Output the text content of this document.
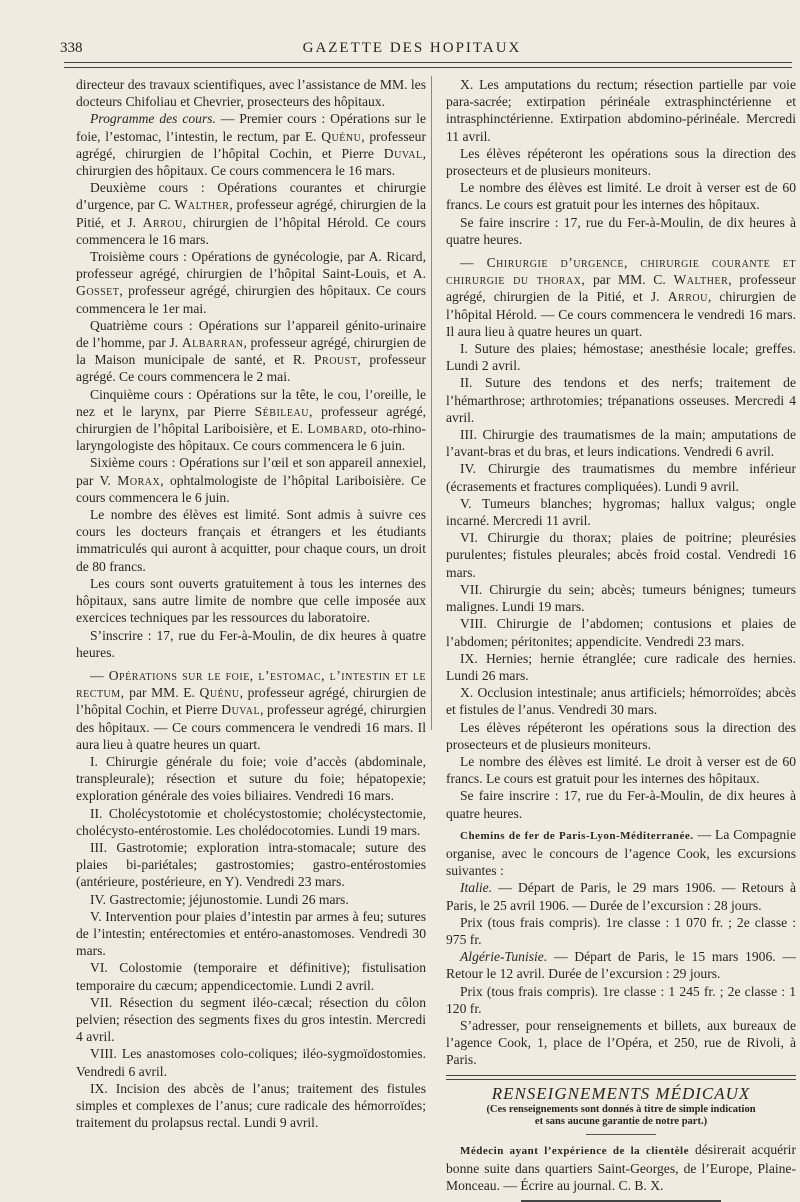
338	GAZETTE DES HOPITAUX

directeur des travaux scientifiques, avec l’assistance de MM. les docteurs Chifoliau et Chevrier, prosecteurs des hôpitaux.

Programme des cours. — Premier cours : Opérations sur le foie, l’estomac, l’intestin, le rectum, par E. Quénu, professeur agrégé, chirurgien de l’hôpital Cochin, et Pierre Duval, chirurgien des hôpitaux. Ce cours commencera le 16 mars.

Deuxième cours : Opérations courantes et chirurgie d’urgence, par C. Walther, professeur agrégé, chirurgien de la Pitié, et J. Arrou, chirurgien de l’hôpital Hérold. Ce cours commencera le 16 mars.

Troisième cours : Opérations de gynécologie, par A. Ricard, professeur agrégé, chirurgien de l’hôpital Saint-Louis, et A. Gosset, professeur agrégé, chirurgien des hôpitaux. Ce cours commencera le 1er mai.

Quatrième cours : Opérations sur l’appareil génito-urinaire de l’homme, par J. Albarran, professeur agrégé, chirurgien de la Maison municipale de santé, et R. Proust, professeur agrégé. Ce cours commencera le 2 mai.

Cinquième cours : Opérations sur la tête, le cou, l’oreille, le nez et le larynx, par Pierre Sébileau, professeur agrégé, chirurgien de l’hôpital Lariboisière, et E. Lombard, oto-rhino-laryngologiste des hôpitaux. Ce cours commencera le 6 juin.

Sixième cours : Opérations sur l’œil et son appareil annexiel, par V. Morax, ophtalmologiste de l’hôpital Lariboisière. Ce cours commencera le 6 juin.

Le nombre des élèves est limité. Sont admis à suivre ces cours les docteurs français et étrangers et les étudiants immatriculés qui auront à acquitter, pour chaque cours, un droit de 80 francs.

Les cours sont ouverts gratuitement à tous les internes des hôpitaux, sans autre limite de nombre que celle imposée aux exercices techniques par les ressources du laboratoire.

S’inscrire : 17, rue du Fer-à-Moulin, de dix heures à quatre heures.

— Opérations sur le foie, l’estomac, l’intestin et le rectum, par MM. E. Quénu, professeur agrégé, chirurgien de l’hôpital Cochin, et Pierre Duval, professeur agrégé, chirurgien des hôpitaux. — Ce cours commencera le vendredi 16 mars. Il aura lieu à quatre heures un quart.

I. Chirurgie générale du foie; voie d’accès (abdominale, transpleurale); résection et suture du foie; hépatopexie; exploration générale des voies biliaires. Vendredi 16 mars.

II. Cholécystotomie et cholécystostomie; cholécystectomie, cholécysto-entérostomie. Les cholédocotomies. Lundi 19 mars.

III. Gastrotomie; exploration intra-stomacale; suture des plaies bi-pariétales; gastrostomies; gastro-entérostomies (antérieure, postérieure, en Y). Vendredi 23 mars.

IV. Gastrectomie; jéjunostomie. Lundi 26 mars.

V. Intervention pour plaies d’intestin par armes à feu; sutures de l’intestin; entérectomies et entéro-anastomoses. Vendredi 30 mars.

VI. Colostomie (temporaire et définitive); fistulisation temporaire du cæcum; appendicectomie. Lundi 2 avril.

VII. Résection du segment iléo-cæcal; résection du côlon pelvien; résection des segments fixes du gros intestin. Mercredi 4 avril.

VIII. Les anastomoses colo-coliques; iléo-sygmoïdostomies. Vendredi 6 avril.

IX. Incision des abcès de l’anus; traitement des fistules simples et complexes de l’anus; cure radicale des hémorroïdes; traitement du prolapsus rectal. Lundi 9 avril.

X. Les amputations du rectum; résection partielle par voie para-sacrée; extirpation périnéale extrasphinctérienne et intrasphinctérienne. Extirpation abdomino-périnéale. Mercredi 11 avril.

Les élèves répéteront les opérations sous la direction des prosecteurs et de plusieurs moniteurs.

Le nombre des élèves est limité. Le droit à verser est de 60 francs. Le cours est gratuit pour les internes des hôpitaux.

Se faire inscrire : 17, rue du Fer-à-Moulin, de dix heures à quatre heures.

— Chirurgie d’urgence, chirurgie courante et chirurgie du thorax, par MM. C. Walther, professeur agrégé, chirurgien de la Pitié, et J. Arrou, chirurgien de l’hôpital Hérold. — Ce cours commencera le vendredi 16 mars. Il aura lieu à quatre heures un quart.

I. Suture des plaies; hémostase; anesthésie locale; greffes. Lundi 2 avril.

II. Suture des tendons et des nerfs; traitement de l’hémarthrose; arthrotomies; trépanations osseuses. Mercredi 4 avril.

III. Chirurgie des traumatismes de la main; amputations de l’avant-bras et du bras, et leurs indications. Vendredi 6 avril.

IV. Chirurgie des traumatismes du membre inférieur (écrasements et fractures compliquées). Lundi 9 avril.

V. Tumeurs blanches; hygromas; hallux valgus; ongle incarné. Mercredi 11 avril.

VI. Chirurgie du thorax; plaies de poitrine; pleurésies purulentes; fistules pleurales; abcès froid costal. Vendredi 16 mars.

VII. Chirurgie du sein; abcès; tumeurs bénignes; tumeurs malignes. Lundi 19 mars.

VIII. Chirurgie de l’abdomen; contusions et plaies de l’abdomen; péritonites; appendicite. Vendredi 23 mars.

IX. Hernies; hernie étranglée; cure radicale des hernies. Lundi 26 mars.

X. Occlusion intestinale; anus artificiels; hémorroïdes; abcès et fistules de l’anus. Vendredi 30 mars.

Les élèves répéteront les opérations sous la direction des prosecteurs et de plusieurs moniteurs.

Le nombre des élèves est limité. Le droit à verser est de 60 francs. Le cours est gratuit pour les internes des hôpitaux.

Se faire inscrire : 17, rue du Fer-à-Moulin, de dix heures à quatre heures.

Chemins de fer de Paris-Lyon-Méditerranée. — La Compagnie organise, avec le concours de l’agence Cook, les excursions suivantes :

Italie. — Départ de Paris, le 29 mars 1906. — Retours à Paris, le 25 avril 1906. — Durée de l’excursion : 28 jours.

Prix (tous frais compris). 1re classe : 1 070 fr. ; 2e classe : 975 fr.

Algérie-Tunisie. — Départ de Paris, le 15 mars 1906. — Retour le 12 avril. Durée de l’excursion : 29 jours.

Prix (tous frais compris). 1re classe : 1 245 fr. ; 2e classe : 1 120 fr.

S’adresser, pour renseignements et billets, aux bureaux de l’agence Cook, 1, place de l’Opéra, et 250, rue de Rivoli, à Paris.

RENSEIGNEMENTS MÉDICAUX
(Ces renseignements sont donnés à titre de simple indication
et sans aucune garantie de notre part.)

Médecin ayant l’expérience de la clientèle désirerait acquérir bonne suite dans quartiers Saint-Georges, de l’Europe, Plaine-Monceau. — Écrire au journal. C. B. X.
